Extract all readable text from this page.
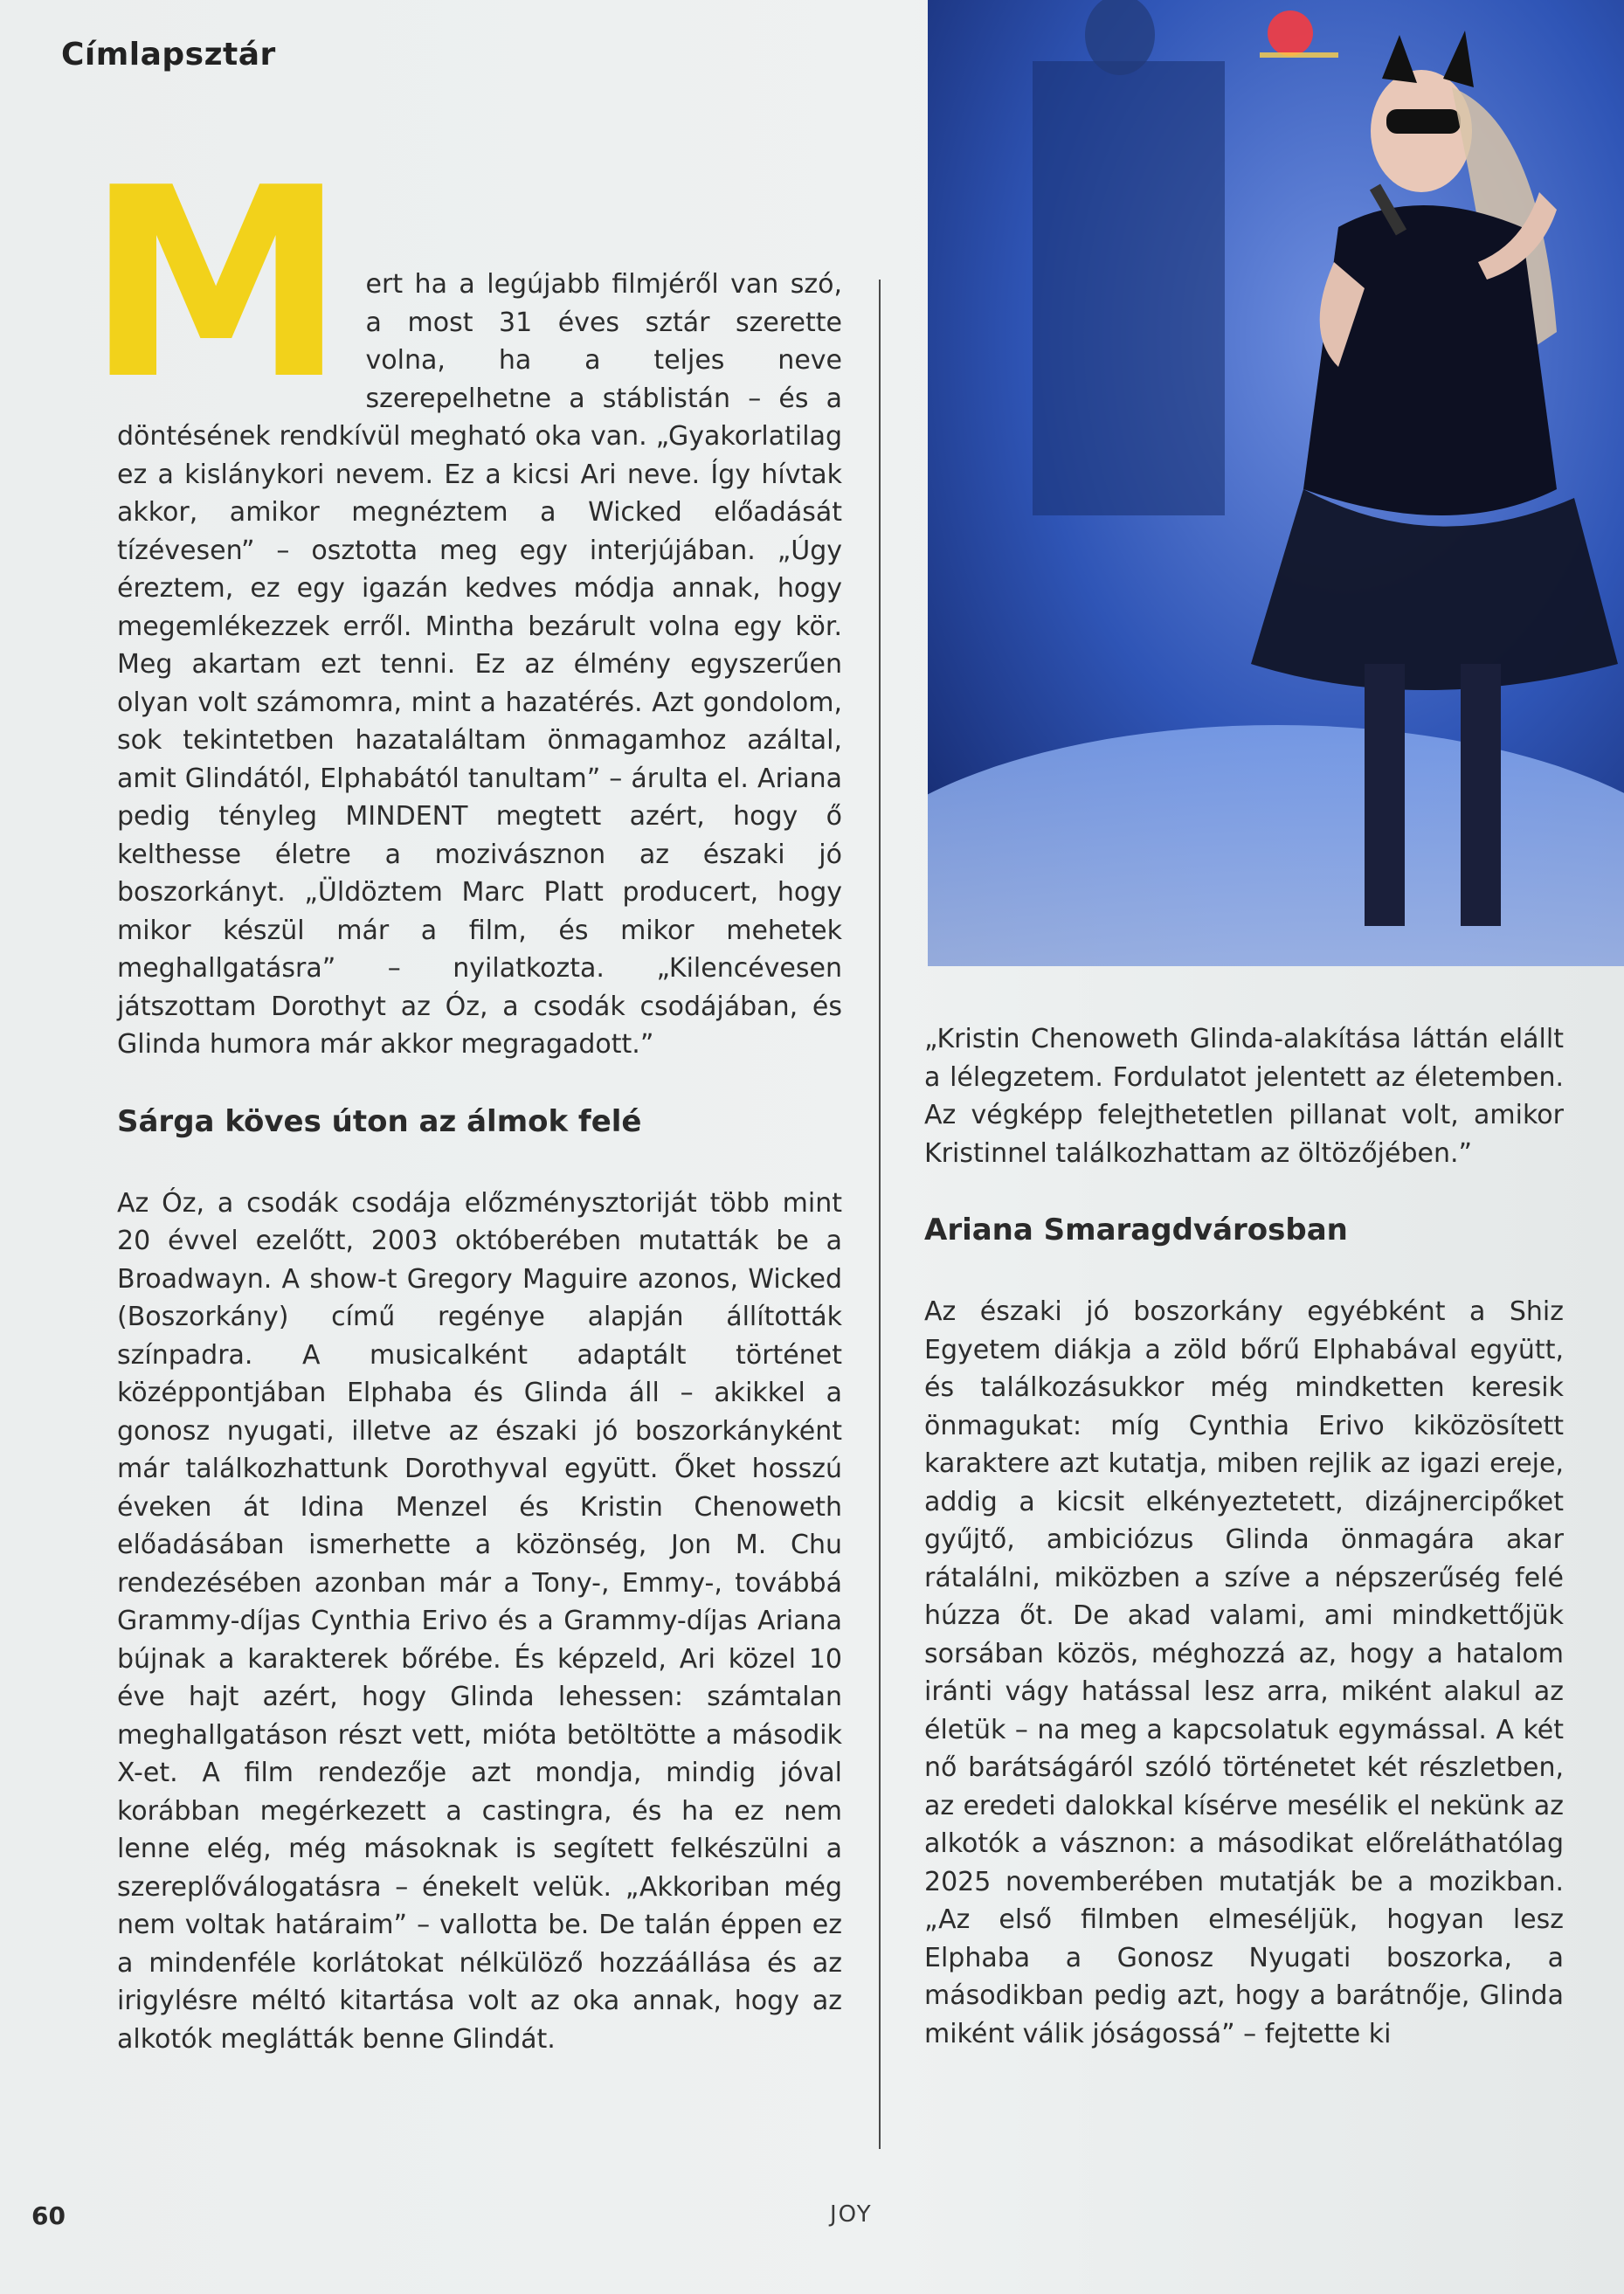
Címlapsztár
M ert ha a legújabb filmjéről van szó, a most 31 éves sztár szerette volna, ha a teljes neve szerepelhetne a stáblistán – és a döntésének rendkívül megható oka van. „Gyakorlatilag ez a kislánykori nevem. Ez a kicsi Ari neve. Így hívtak akkor, amikor megnéztem a Wicked előadását tízévesen” – osztotta meg egy interjújában. „Úgy éreztem, ez egy igazán kedves módja annak, hogy megemlékezzek erről. Mintha bezárult volna egy kör. Meg akartam ezt tenni. Ez az élmény egyszerűen olyan volt számomra, mint a hazatérés. Azt gondolom, sok tekintetben hazataláltam önmagamhoz azáltal, amit Glindától, Elphabától tanultam” – árulta el. Ariana pedig tényleg MINDENT megtett azért, hogy ő kelthesse életre a mozivásznon az északi jó boszorkányt. „Üldöztem Marc Platt producert, hogy mikor készül már a film, és mikor mehetek meghallgatásra” – nyilatkozta. „Kilencévesen játszottam Dorothyt az Óz, a csodák csodájában, és Glinda humora már akkor megragadott.”

Sárga köves úton az álmok felé

Az Óz, a csodák csodája előzménysztoriját több mint 20 évvel ezelőtt, 2003 októberében mutatták be a Broadwayn. A show-t Gregory Maguire azonos, Wicked (Boszorkány) című regénye alapján állították színpadra. A musicalként adaptált történet középpontjában Elphaba és Glinda áll – akikkel a gonosz nyugati, illetve az északi jó boszorkányként már találkozhattunk Dorothyval együtt. Őket hosszú éveken át Idina Menzel és Kristin Chenoweth előadásában ismerhette a közönség, Jon M. Chu rendezésében azonban már a Tony-, Emmy-, továbbá Grammy-díjas Cynthia Erivo és a Grammy-díjas Ariana bújnak a karakterek bőrébe. És képzeld, Ari közel 10 éve hajt azért, hogy Glinda lehessen: számtalan meghallgatáson részt vett, mióta betöltötte a második X-et. A film rendezője azt mondja, mindig jóval korábban megérkezett a castingra, és ha ez nem lenne elég, még másoknak is segített felkészülni a szereplőválogatásra – énekelt velük. „Akkoriban még nem voltak határaim” – vallotta be. De talán éppen ez a mindenféle korlátokat nélkülöző hozzáállása és az irigylésre méltó kitartása volt az oka annak, hogy az alkotók meglátták benne Glindát.

„Kristin Chenoweth Glinda-alakítása láttán elállt a lélegzetem. Fordulatot jelentett az életemben. Az végképp felejthetetlen pillanat volt, amikor Kristinnel találkozhattam az öltözőjében.”

Ariana Smaragdvárosban

Az északi jó boszorkány egyébként a Shiz Egyetem diákja a zöld bőrű Elphabával együtt, és találkozásukkor még mindketten keresik önmagukat: míg Cynthia Erivo kiközösített karaktere azt kutatja, miben rejlik az igazi ereje, addig a kicsit elkényeztetett, dizájnercipőket gyűjtő, ambiciózus Glinda önmagára akar rátalálni, miközben a szíve a népszerűség felé húzza őt. De akad valami, ami mindkettőjük sorsában közös, méghozzá az, hogy a hatalom iránti vágy hatással lesz arra, miként alakul az életük – na meg a kapcsolatuk egymással. A két nő barátságáról szóló történetet két részletben, az eredeti dalokkal kísérve mesélik el nekünk az alkotók a vásznon: a másodikat előreláthatólag 2025 novemberében mutatják be a mozikban. „Az első filmben elmeséljük, hogyan lesz Elphaba a Gonosz Nyugati boszorka, a másodikban pedig azt, hogy a barátnője, Glinda miként válik jóságossá” – fejtette ki

60	JOY
